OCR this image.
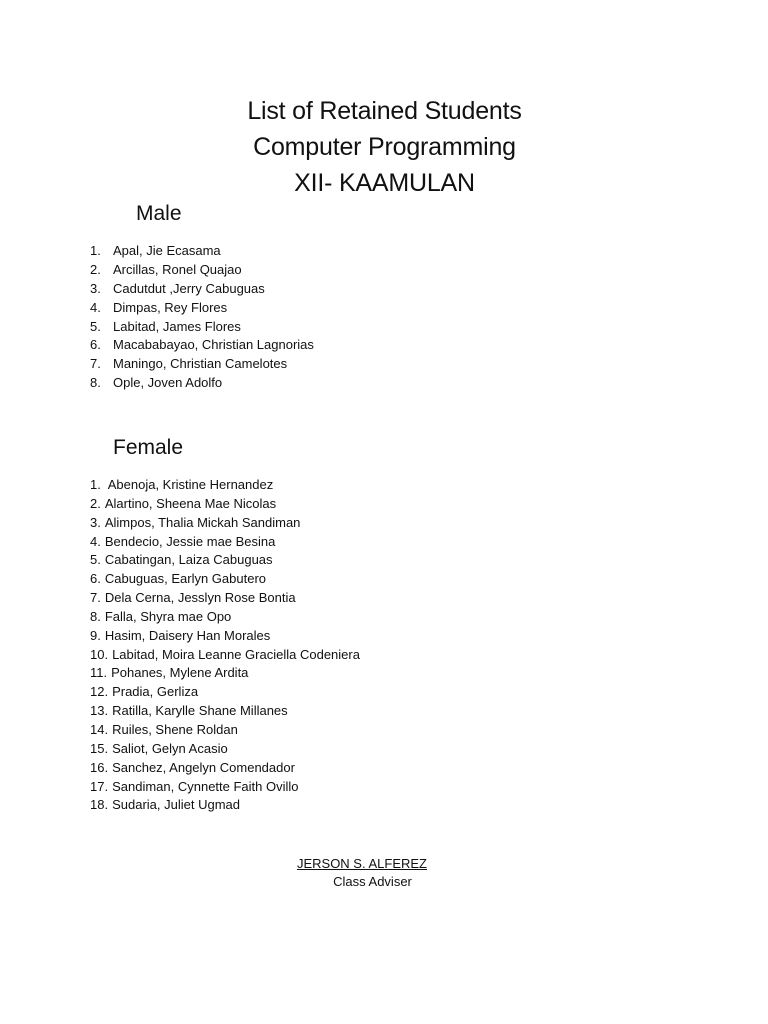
List of Retained Students
Computer Programming
XII- KAAMULAN
Male
1. Apal, Jie Ecasama
2. Arcillas, Ronel Quajao
3. Cadutdut ,Jerry Cabuguas
4. Dimpas, Rey Flores
5. Labitad, James Flores
6. Macababayao, Christian Lagnorias
7. Maningo, Christian Camelotes
8. Ople, Joven Adolfo
Female
1. Abenoja, Kristine Hernandez
2. Alartino, Sheena Mae Nicolas
3. Alimpos, Thalia Mickah Sandiman
4. Bendecio, Jessie mae Besina
5. Cabatingan, Laiza Cabuguas
6. Cabuguas, Earlyn Gabutero
7. Dela Cerna, Jesslyn Rose Bontia
8. Falla, Shyra mae Opo
9. Hasim, Daisery Han Morales
10. Labitad, Moira Leanne Graciella Codeniera
11. Pohanes, Mylene Ardita
12. Pradia, Gerliza
13. Ratilla, Karylle Shane Millanes
14. Ruiles, Shene Roldan
15. Saliot, Gelyn Acasio
16. Sanchez, Angelyn Comendador
17. Sandiman, Cynnette Faith Ovillo
18. Sudaria, Juliet Ugmad
JERSON S. ALFEREZ
Class Adviser
